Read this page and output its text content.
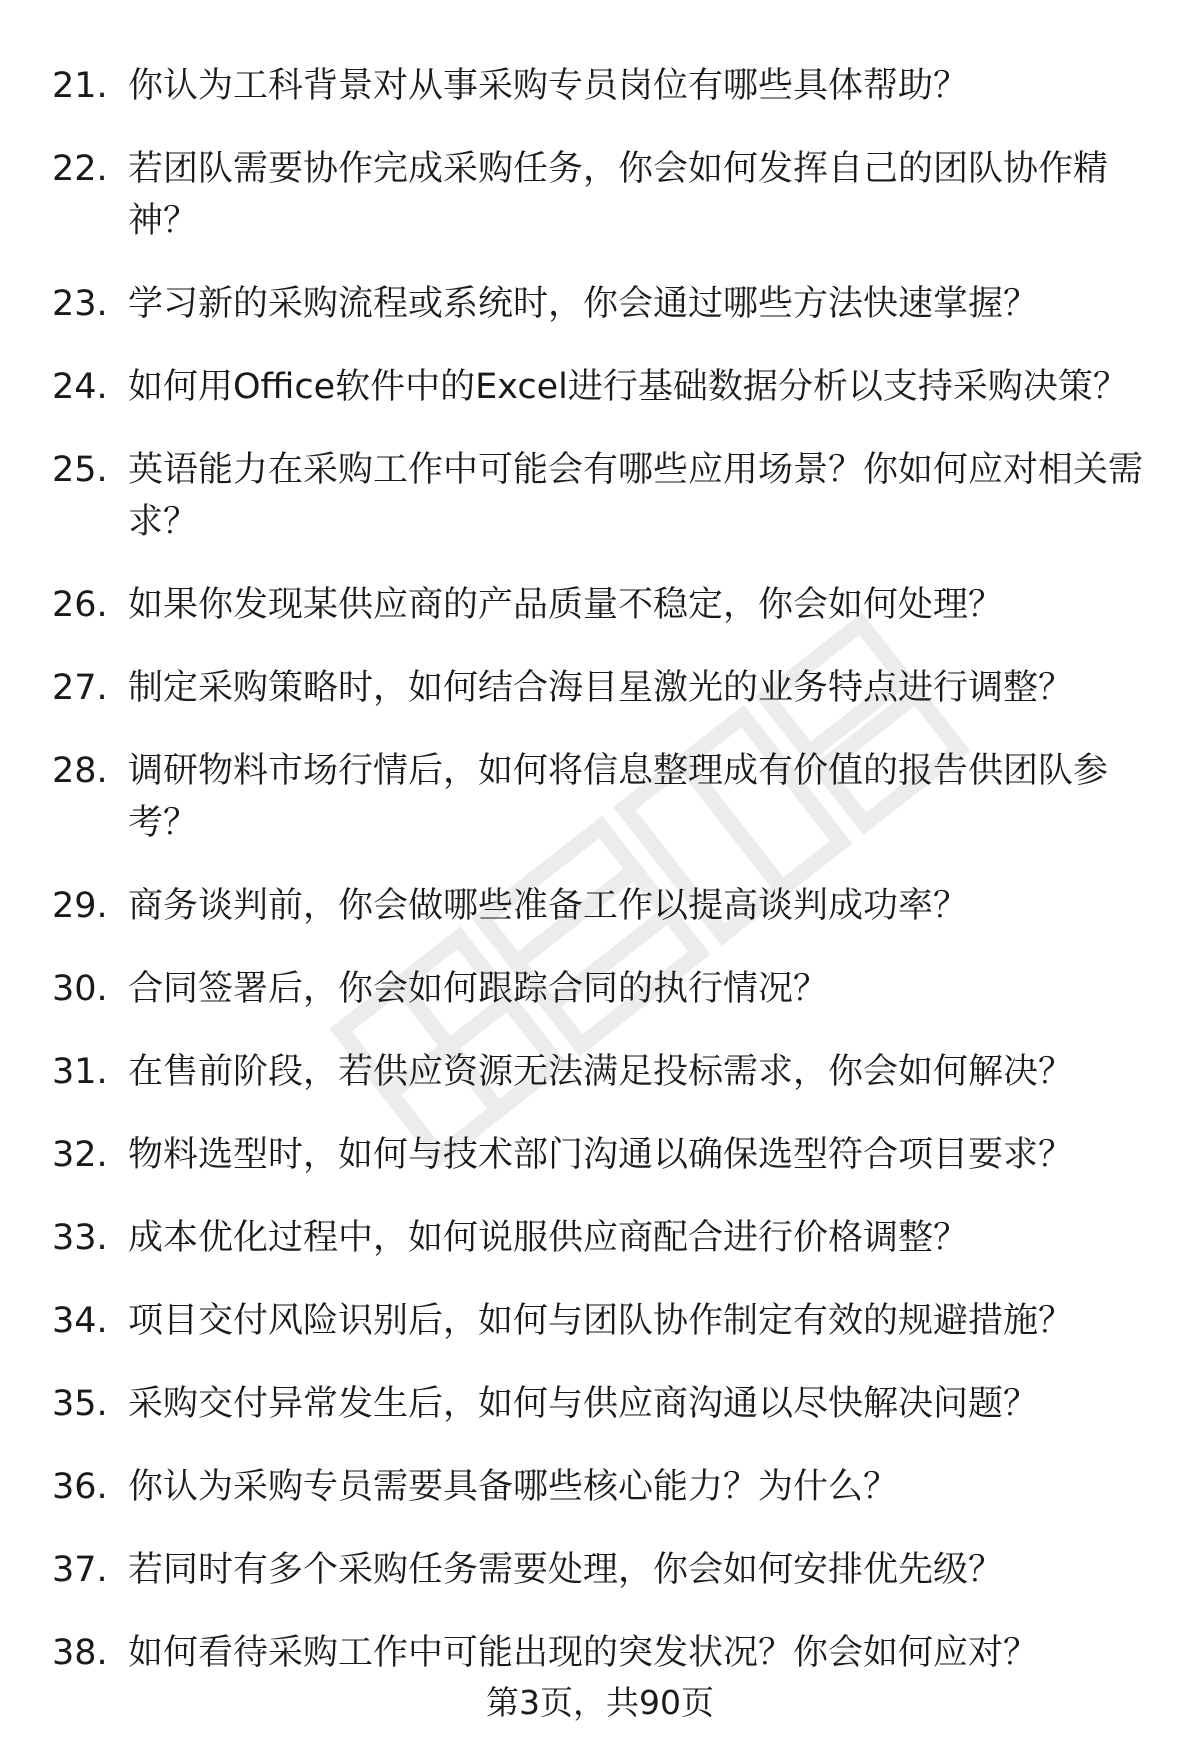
21. 你认为工科背景对从事采购专员岗位有哪些具体帮助？
22. 若团队需要协作完成采购任务，你会如何发挥自己的团队协作精神？
23. 学习新的采购流程或系统时，你会通过哪些方法快速掌握？
24. 如何用Office软件中的Excel进行基础数据分析以支持采购决策？
25. 英语能力在采购工作中可能会有哪些应用场景？你如何应对相关需求？
26. 如果你发现某供应商的产品质量不稳定，你会如何处理？
27. 制定采购策略时，如何结合海目星激光的业务特点进行调整？
28. 调研物料市场行情后，如何将信息整理成有价值的报告供团队参考？
29. 商务谈判前，你会做哪些准备工作以提高谈判成功率？
30. 合同签署后，你会如何跟踪合同的执行情况？
31. 在售前阶段，若供应资源无法满足投标需求，你会如何解决？
32. 物料选型时，如何与技术部门沟通以确保选型符合项目要求？
33. 成本优化过程中，如何说服供应商配合进行价格调整？
34. 项目交付风险识别后，如何与团队协作制定有效的规避措施？
35. 采购交付异常发生后，如何与供应商沟通以尽快解决问题？
36. 你认为采购专员需要具备哪些核心能力？为什么？
37. 若同时有多个采购任务需要处理，你会如何安排优先级？
38. 如何看待采购工作中可能出现的突发状况？你会如何应对？
第3页，共90页
